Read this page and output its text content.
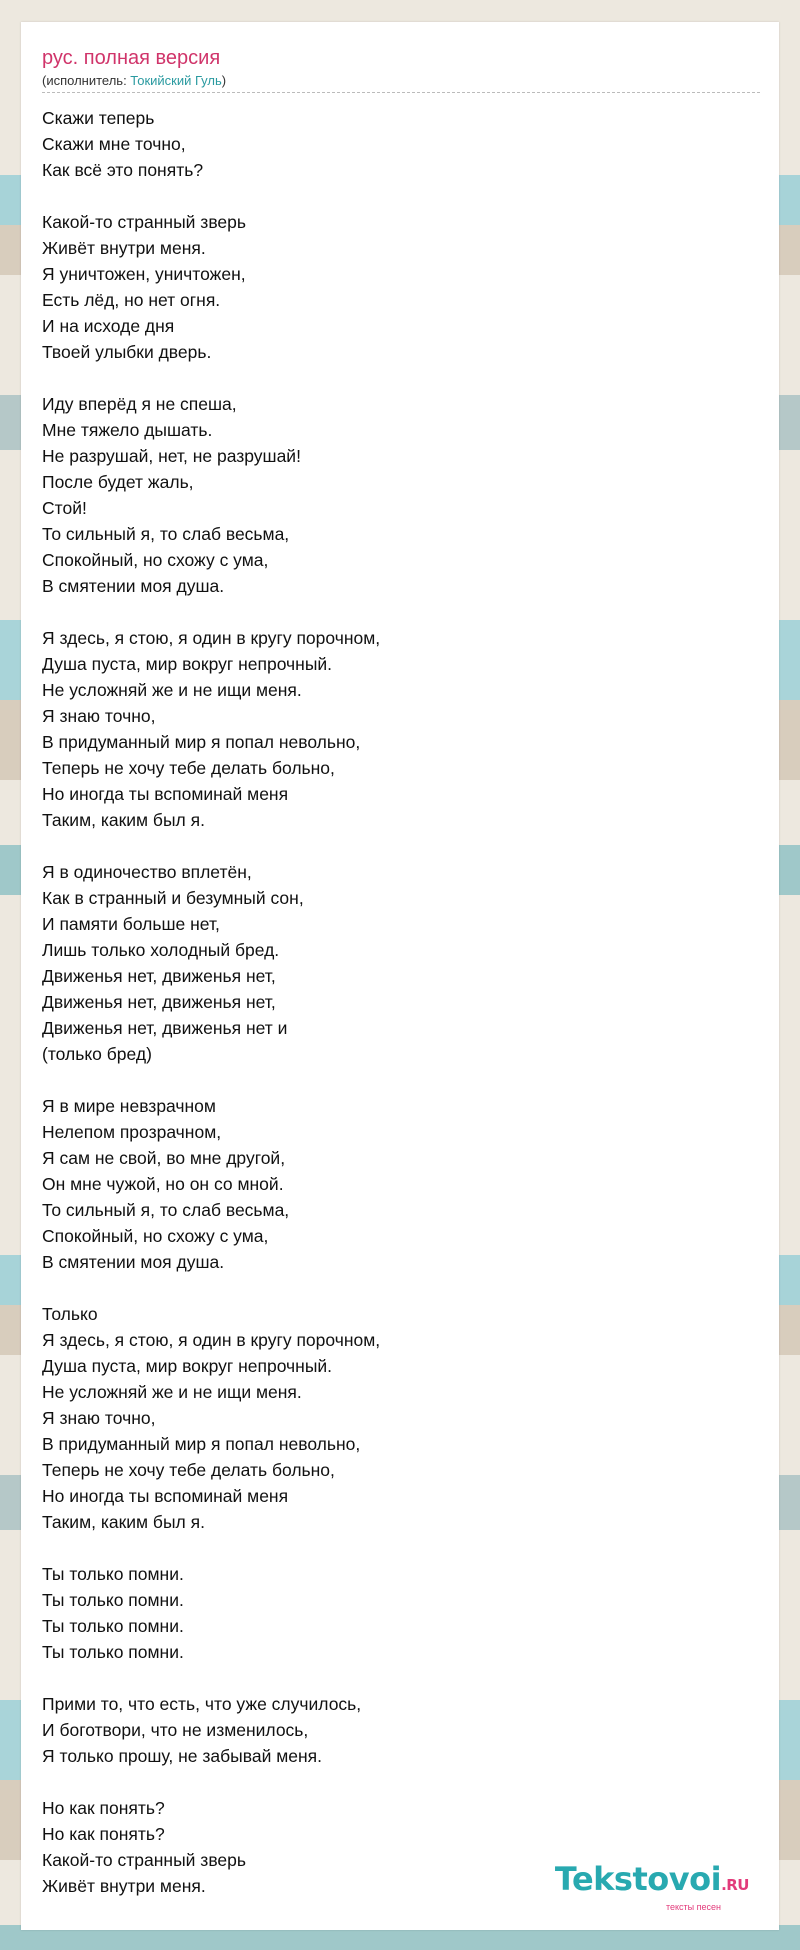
рус. полная версия
(исполнитель: Токийский Гуль)
Скажи теперь
Скажи мне точно,
Как всё это понять?
Какой-то странный зверь
Живёт внутри меня.
Я уничтожен, уничтожен,
Есть лёд, но нет огня.
И на исходе дня
Твоей улыбки дверь.
Иду вперёд я не спеша,
Мне тяжело дышать.
Не разрушай, нет, не разрушай!
После будет жаль,
Стой!
То сильный я, то слаб весьма,
Спокойный, но схожу с ума,
В смятении моя душа.
Я здесь, я стою, я один в кругу порочном,
Душа пуста, мир вокруг непрочный.
Не усложняй же и не ищи меня.
Я знаю точно,
В придуманный мир я попал невольно,
Теперь не хочу тебе делать больно,
Но иногда ты вспоминай меня
Таким, каким был я.
Я в одиночество вплетён,
Как в странный и безумный сон,
И памяти больше нет,
Лишь только холодный бред.
Движенья нет, движенья нет,
Движенья нет, движенья нет,
Движенья нет, движенья нет и
(только бред)
Я в мире невзрачном
Нелепом прозрачном,
Я сам не свой, во мне другой,
Он мне чужой, но он со мной.
То сильный я, то слаб весьма,
Спокойный, но схожу с ума,
В смятении моя душа.
Только
Я здесь, я стою, я один в кругу порочном,
Душа пуста, мир вокруг непрочный.
Не усложняй же и не ищи меня.
Я знаю точно,
В придуманный мир я попал невольно,
Теперь не хочу тебе делать больно,
Но иногда ты вспоминай меня
Таким, каким был я.
Ты только помни.
Ты только помни.
Ты только помни.
Ты только помни.
Прими то, что есть, что уже случилось,
И боготвори, что не изменилось,
Я только прошу, не забывай меня.
Но как понять?
Но как понять?
Какой-то странный зверь
Живёт внутри меня.	Tekstovoi.RU
тексты песен
